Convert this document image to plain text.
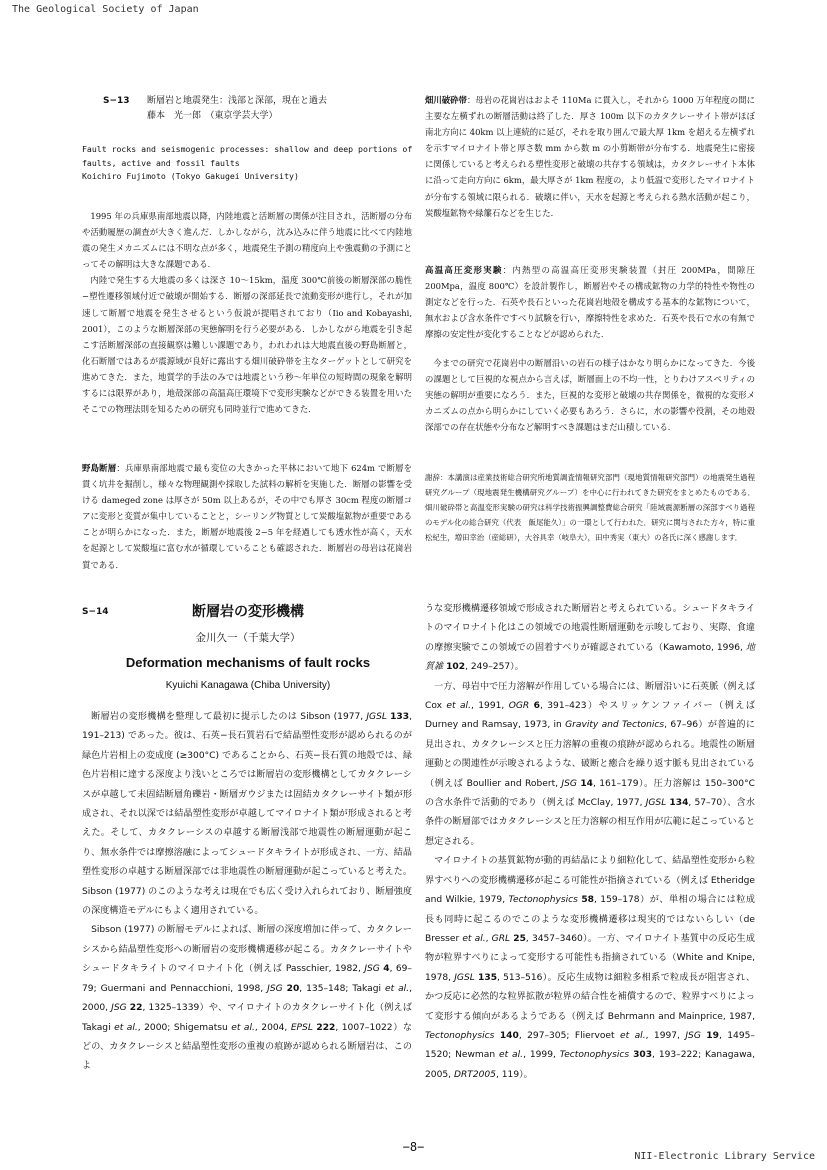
The Geological Society of Japan
S−13 断層岩と地震発生：浅部と深部，現在と過去
藤本　光一郎　（東京学芸大学）
Fault rocks and seismogenic processes: shallow and deep portions of
faults, active and fossil faults
Koichiro Fujimoto (Tokyo Gakugei University)

1995 年の兵庫県南部地震以降，内陸地震と活断層の関係が注目され，活断層の分布や活動履歴の調査が大きく進んだ．しかしながら，沈み込みに伴う地震に比べて内陸地震の発生メカニズムには不明な点が多く，地震発生予測の精度向上や強震動の予測にとってその解明は大きな課題である．

内陸で発生する大地震の多くは深さ 10〜15km，温度 300℃前後の断層深部の脆性−塑性遷移領域付近で破壊が開始する．断層の深部延長で流動変形が進行し，それが加速して断層で地震を発生させるという仮説が提唱されており（Iio and Kobayashi, 2001），このような断層深部の実態解明を行う必要がある．しかしながら地震を引き起こす活断層深部の直接観察は難しい課題であり，われわれは大地震直後の野島断層と，化石断層ではあるが震源域が良好に露出する畑川破砕帯を主なターゲットとして研究を進めてきた．また，地質学的手法のみでは地震という秒〜年単位の短時間の現象を解明するには限界があり，地殻深部の高温高圧環境下で変形実験などができる装置を用いたそこでの物理法則を知るための研究も同時並行で進めてきた．

野島断層：兵庫県南部地震で最も変位の大きかった平林において地下 624m で断層を貫く坑井を掘削し，様々な物理観測や採取した試料の解析を実施した．断層の影響を受ける dameged zone は厚さが 50m 以上あるが，その中でも厚さ 30cm 程度の断層コアに変形と変質が集中していることと，シーリング物質として炭酸塩鉱物が重要であることが明らかになった．また，断層が地震後 2−5 年を経過しても透水性が高く，天水を起源として炭酸塩に富む水が循環していることも確認された．断層岩の母岩は花崗岩質である．

畑川破砕帯：母岩の花崗岩はおよそ 110Ma に貫入し，それから 1000 万年程度の間に主要な左横ずれの断層活動は終了した．厚さ 100m 以下のカタクレーサイト帯がほぼ南北方向に 40km 以上連続的に延び，それを取り囲んで最大厚 1km を超える左横ずれを示すマイロナイト帯と厚さ数 mm から数 m の小剪断帯が分布する．地震発生に密接に関係していると考えられる塑性変形と破壊の共存する領域は，カタクレーサイト本体に沿って走向方向に 6km，最大厚さが 1km 程度の，より低温で変形したマイロナイトが分布する領域に限られる．破壊に伴い，天水を起源と考えられる熱水活動が起こり，炭酸塩鉱物や緑簾石などを生じた．

高温高圧変形実験：内熱型の高温高圧変形実験装置（封圧 200MPa，間隙圧 200Mpa，温度 800℃）を設計製作し，断層岩やその構成鉱物の力学的特性や物性の測定などを行った．石英や長石といった花崗岩地殻を構成する基本的な鉱物について，無水および含水条件ですべり試験を行い，摩擦特性を求めた．石英や長石で水の有無で摩擦の安定性が変化することなどが認められた．

今までの研究で花崗岩中の断層沿いの岩石の様子はかなり明らかになってきた．今後の課題として巨視的な視点から言えば，断層面上の不均一性，とりわけアスペリティの実態の解明が重要になろう．また，巨視的な変形と破壊の共存関係を，微視的な変形メカニズムの点から明らかにしていく必要もあろう．さらに，水の影響や役割，その地殻深部での存在状態や分布など解明すべき課題はまだ山積している．

謝辞：本講演は産業技術総合研究所地質調査情報研究部門（現地質情報研究部門）の地震発生過程研究グループ（現地震発生機構研究グループ）を中心に行われてきた研究をまとめたものである．畑川破砕帯と高温変形実験の研究は科学技術振興調整費総合研究「陸域震源断層の深部すべり過程のモデル化の総合研究（代表　飯尾能久）」の一環として行われた．研究に関与された方々，特に重松紀生，増田幸治（産総研），大谷具幸（岐阜大），田中秀実（東大）の各氏に深く感謝します．

S−14	断層岩の変形機構
金川久一（千葉大学）
Deformation mechanisms of fault rocks
Kyuichi Kanagawa (Chiba University)

断層岩の変形機構を整理して最初に提示したのは Sibson (1977, JGSL 133, 191–213) であった。彼は、石英−長石質岩石で結晶塑性変形が認められるのが緑色片岩相上の変成度 (≥300°C) であることから、石英−長石質の地殻では、緑色片岩相に達する深度より浅いところでは断層岩の変形機構としてカタクレーシスが卓越して未固結断層角礫岩・断層ガウジまたは固結カタクレーサイト類が形成され、それ以深では結晶塑性変形が卓越してマイロナイト類が形成されると考えた。そして、カタクレーシスの卓越する断層浅部で地震性の断層運動が起こり、無水条件では摩擦溶融によってシュードタキライトが形成され、一方、結晶塑性変形の卓越する断層深部では非地震性の断層運動が起こっていると考えた。Sibson (1977) のこのような考えは現在でも広く受け入れられており、断層強度の深度構造モデルにもよく適用されている。

Sibson (1977) の断層モデルによれば、断層の深度増加に伴って、カタクレーシスから結晶塑性変形への断層岩の変形機構遷移が起こる。カタクレーサイトやシュードタキライトのマイロナイト化（例えば Passchier, 1982, JSG 4, 69–79; Guermani and Pennacchioni, 1998, JSG 20, 135–148; Takagi et al., 2000, JSG 22, 1325–1339）や、マイロナイトのカタクレーサイト化（例えば Takagi et al., 2000; Shigematsu et al., 2004, EPSL 222, 1007–1022）などの、カタクレーシスと結晶塑性変形の重複の痕跡が認められる断層岩は、このよ

うな変形機構遷移領域で形成された断層岩と考えられている。シュードタキライトのマイロナイト化はこの領域での地震性断層運動を示唆しており、実際、食違の摩擦実験でこの領域での固着すべりが確認されている（Kawamoto, 1996, 地質雑 102, 249–257）。

一方、母岩中で圧力溶解が作用している場合には、断層沿いに石英脈（例えば Cox et al., 1991, OGR 6, 391–423）やスリッケンファイバー（例えば Durney and Ramsay, 1973, in Gravity and Tectonics, 67–96）が普遍的に見出され、カタクレーシスと圧力溶解の重複の痕跡が認められる。地震性の断層運動との関連性が示唆されるような、破断と癒合を繰り返す脈も見出されている（例えば Boullier and Robert, JSG 14, 161–179）。圧力溶解は 150–300°C の含水条件で活動的であり（例えば McClay, 1977, JGSL 134, 57–70）、含水条件の断層部ではカタクレーシスと圧力溶解の相互作用が広範に起こっていると想定される。

マイロナイトの基質鉱物が動的再結晶により細粒化して、結晶塑性変形から粒界すべりへの変形機構遷移が起こる可能性が指摘されている（例えば Etheridge and Wilkie, 1979, Tectonophysics 58, 159–178）が、単相の場合には粒成長も同時に起こるのでこのような変形機構遷移は現実的ではないらしい（de Bresser et al., GRL 25, 3457–3460）。一方、マイロナイト基質中の反応生成物が粒界すべりによって変形する可能性も指摘されている（White and Knipe, 1978, JGSL 135, 513–516）。反応生成物は細粒多相系で粒成長が阻害され、かつ反応に必然的な粒界拡散が粒界の結合性を補償するので、粒界すべりによって変形する傾向があるようである（例えば Behrmann and Mainprice, 1987, Tectonophysics 140, 297–305; Fliervoet et al., 1997, JSG 19, 1495–1520; Newman et al., 1999, Tectonophysics 303, 193–222; Kanagawa, 2005, DRT2005, 119）。

−8−
NII-Electronic Library Service
